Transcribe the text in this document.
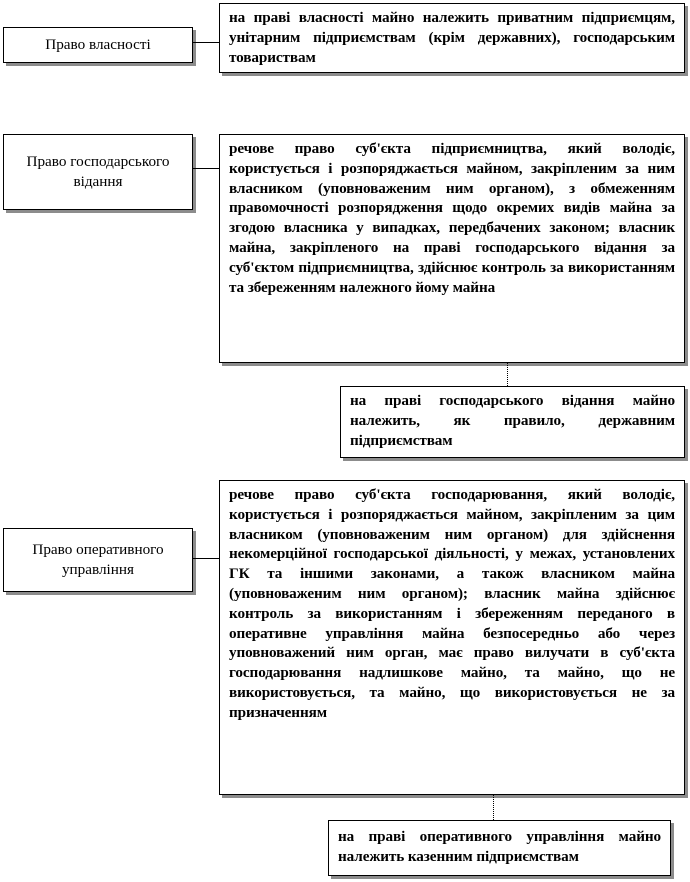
Право власності
на праві власності майно належить приватним підприємцям, унітарним підприємствам (крім державних), господарським товариствам
Право господарського відання
речове право суб'єкта підприємництва, який володіє, користується і розпоряджається майном, закріпленим за ним власником (уповноваженим ним органом), з обмеженням правомочності розпорядження щодо окремих видів майна за згодою власника у випадках, передбачених законом; власник майна, закріпленого на праві господарського відання за суб'єктом підприємництва, здійснює контроль за використанням та збереженням належного йому майна
на праві господарського відання майно належить, як правило, державним підприємствам
Право оперативного управління
речове право суб'єкта господарювання, який володіє, користується і розпоряджається майном, закріпленим за цим власником (уповноваженим ним органом) для здійснення некомерційної господарської діяльності, у межах, установлених ГК та іншими законами, а також власником майна (уповноваженим ним органом); власник майна здійснює контроль за використанням і збереженням переданого в оперативне управління майна безпосередньо або через уповноважений ним орган, має право вилучати в суб'єкта господарювання надлишкове майно, та майно, що не використовується, та майно, що використовується не за призначенням
на праві оперативного управління майно належить казенним підприємствам
